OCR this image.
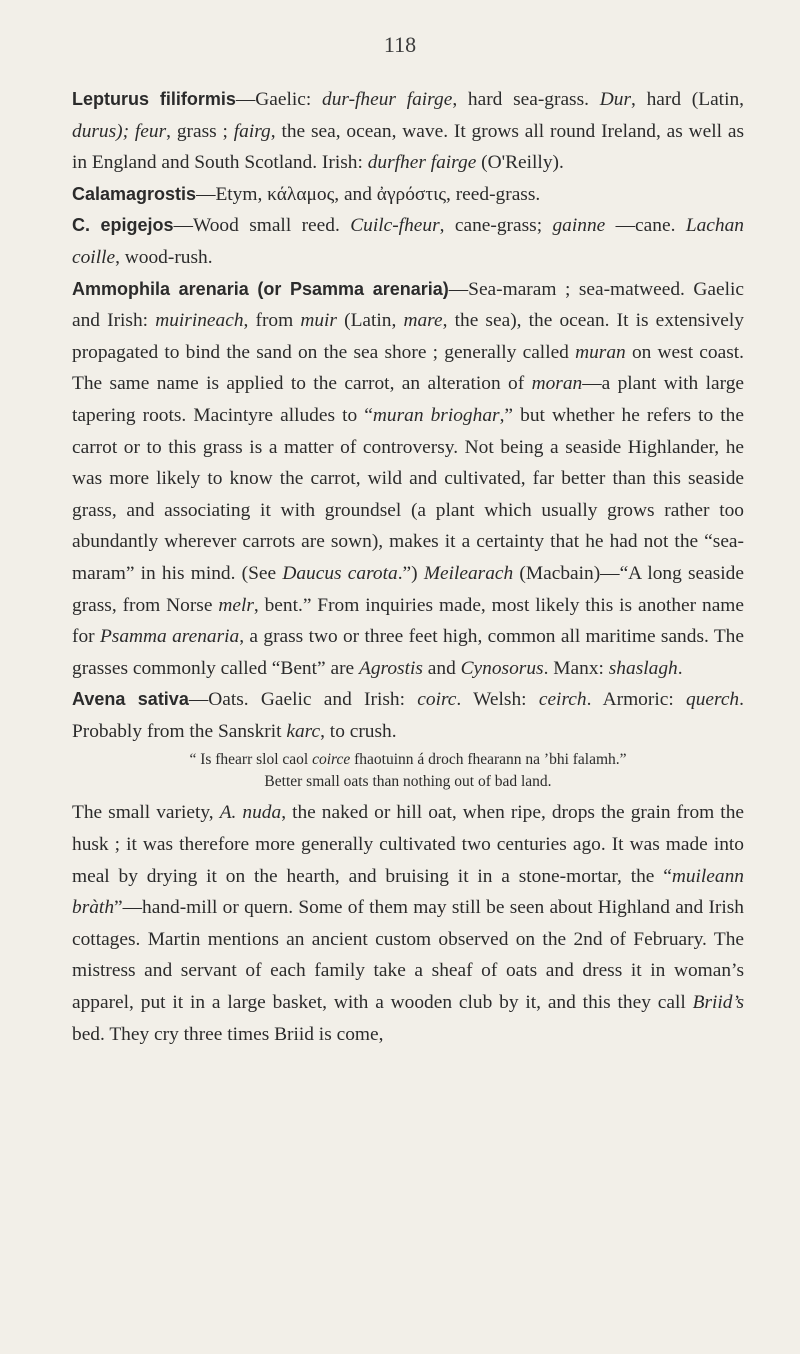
118

Lepturus filiformis—Gaelic: dur-fheur fairge, hard sea-grass. Dur, hard (Latin, durus); feur, grass ; fairg, the sea, ocean, wave. It grows all round Ireland, as well as in England and South Scotland. Irish: durfher fairge (O'Reilly).

Calamagrostis—Etym, κάλαμος, and ἀγρόστις, reed-grass.

C. epigejos—Wood small reed. Cuilc-fheur, cane-grass; gainne —cane. Lachan coille, wood-rush.

Ammophila arenaria (or Psamma arenaria)—Sea-maram ; sea-matweed. Gaelic and Irish: muirineach, from muir (Latin, mare, the sea), the ocean. It is extensively propagated to bind the sand on the sea shore ; generally called muran on west coast. The same name is applied to the carrot, an alteration of moran—a plant with large tapering roots. Macintyre alludes to “muran brioghar,” but whether he refers to the carrot or to this grass is a matter of controversy. Not being a seaside Highlander, he was more likely to know the carrot, wild and cultivated, far better than this seaside grass, and associating it with groundsel (a plant which usually grows rather too abundantly wherever carrots are sown), makes it a certainty that he had not the “sea-maram” in his mind. (See Daucus carota.”) Meilearach (Macbain)—“A long seaside grass, from Norse melr, bent.” From inquiries made, most likely this is another name for Psamma arenaria, a grass two or three feet high, common all maritime sands. The grasses commonly called “Bent” are Agrostis and Cynosorus. Manx: shaslagh.

Avena sativa—Oats. Gaelic and Irish: coirc. Welsh: ceirch. Armoric: querch. Probably from the Sanskrit karc, to crush.

“ Is fhearr slol caol coirce fhaotuinn á droch fhearann na ’bhi falamh.”
Better small oats than nothing out of bad land.

The small variety, A. nuda, the naked or hill oat, when ripe, drops the grain from the husk ; it was therefore more generally cultivated two centuries ago. It was made into meal by drying it on the hearth, and bruising it in a stone-mortar, the “muileann bràth”—hand-mill or quern. Some of them may still be seen about Highland and Irish cottages. Martin mentions an ancient custom observed on the 2nd of February. The mistress and servant of each family take a sheaf of oats and dress it in woman’s apparel, put it in a large basket, with a wooden club by it, and this they call Briid’s bed. They cry three times Briid is come,
